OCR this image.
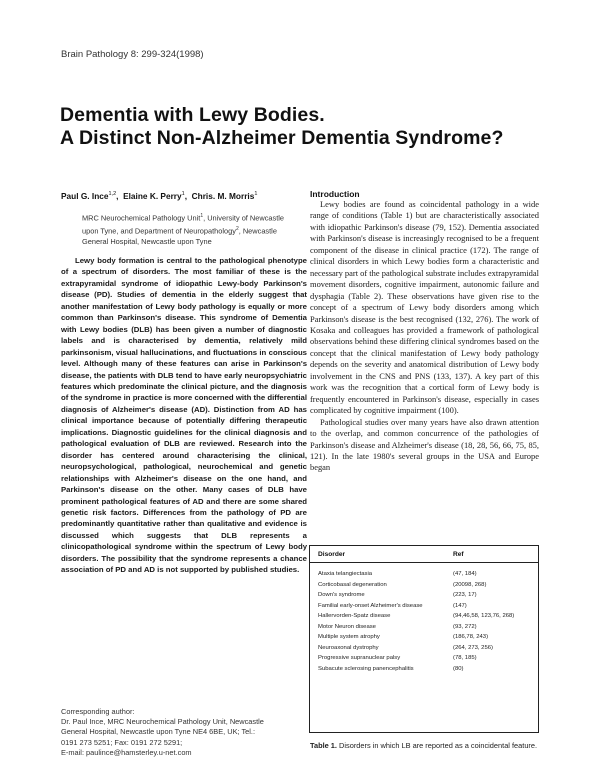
Brain Pathology 8: 299-324(1998)
Dementia with Lewy Bodies.
A Distinct Non-Alzheimer Dementia Syndrome?
Paul G. Ince$^{1,2}$,  Elaine K. Perry$^1$,  Chris. M. Morris$^1$
MRC Neurochemical Pathology Unit$^1$, University of Newcastle
upon Tyne, and Department of Neuropathology$^2$, Newcastle
General Hospital, Newcastle upon Tyne

Lewy body formation is central to the pathological phenotype of a spectrum of disorders. The most familiar of these is the extrapyramidal syndrome of idiopathic Lewy-body Parkinson's disease (PD). Studies of dementia in the elderly suggest that another manifestation of Lewy body pathology is equally or more common than Parkinson's disease. This syndrome of Dementia with Lewy bodies (DLB) has been given a number of diagnostic labels and is characterised by dementia, relatively mild parkinsonism, visual hallucinations, and fluctuations in conscious level. Although many of these features can arise in Parkinson's disease, the patients with DLB tend to have early neuropsychiatric features which predominate the clinical picture, and the diagnosis of the syndrome in practice is more concerned with the differential diagnosis of Alzheimer's disease (AD). Distinction from AD has clinical importance because of potentially differing therapeutic implications. Diagnostic guidelines for the clinical diagnosis and pathological evaluation of DLB are reviewed. Research into the disorder has centered around characterising the clinical, neuropsychological, pathological, neurochemical and genetic relationships with Alzheimer's disease on the one hand, and Parkinson's disease on the other. Many cases of DLB have prominent pathological features of AD and there are some shared genetic risk factors. Differences from the pathology of PD are predominantly quantitative rather than qualitative and evidence is discussed which suggests that DLB represents a clinicopathological syndrome within the spectrum of Lewy body disorders. The possibility that the syndrome represents a chance association of PD and AD is not supported by published studies.

Corresponding author:
Dr. Paul Ince, MRC Neurochemical Pathology Unit, Newcastle
General Hospital, Newcastle upon Tyne NE4 6BE, UK; Tel.:
0191 273 5251; Fax: 0191 272 5291;
E-mail: paulince@hamsterley.u-net.com
Introduction

Lewy bodies are found as coincidental pathology in a wide range of conditions (Table 1) but are characteristically associated with idiopathic Parkinson's disease (79, 152). Dementia associated with Parkinson's disease is increasingly recognised to be a frequent component of the disease in clinical practice (172). The range of clinical disorders in which Lewy bodies form a characteristic and necessary part of the pathological substrate includes extrapyramidal movement disorders, cognitive impairment, autonomic failure and dysphagia (Table 2). These observations have given rise to the concept of a spectrum of Lewy body disorders among which Parkinson's disease is the best recognised (132, 276). The work of Kosaka and colleagues has provided a framework of pathological observations behind these differing clinical syndromes based on the concept that the clinical manifestation of Lewy body pathology depends on the severity and anatomical distribution of Lewy body involvement in the CNS and PNS (133, 137). A key part of this work was the recognition that a cortical form of Lewy body is frequently encountered in Parkinson's disease, especially in cases complicated by cognitive impairment (100).

Pathological studies over many years have also drawn attention to the overlap, and common concurrence of the pathologies of Parkinson's disease and Alzheimer's disease (18, 28, 56, 66, 75, 85, 121). In the late 1980's several groups in the USA and Europe began

Disorder	Ref
Ataxia telangiectasia	(47, 184)
Corticobasal degeneration	(20098, 268)
Down's syndrome	(223, 17)
Familial early-onset Alzheimer's disease	(147)
Hallervorden-Spatz disease	(94,46,58, 123,76, 268)
Motor Neuron disease	(93, 272)
Multiple system atrophy	(186,78, 243)
Neuroaxonal dystrophy	(264, 273, 256)
Progressive supranuclear palsy	(78, 185)
Subacute sclerosing panencephalitis	(80)
Table 1. Disorders in which LB are reported as a coincidental feature.
